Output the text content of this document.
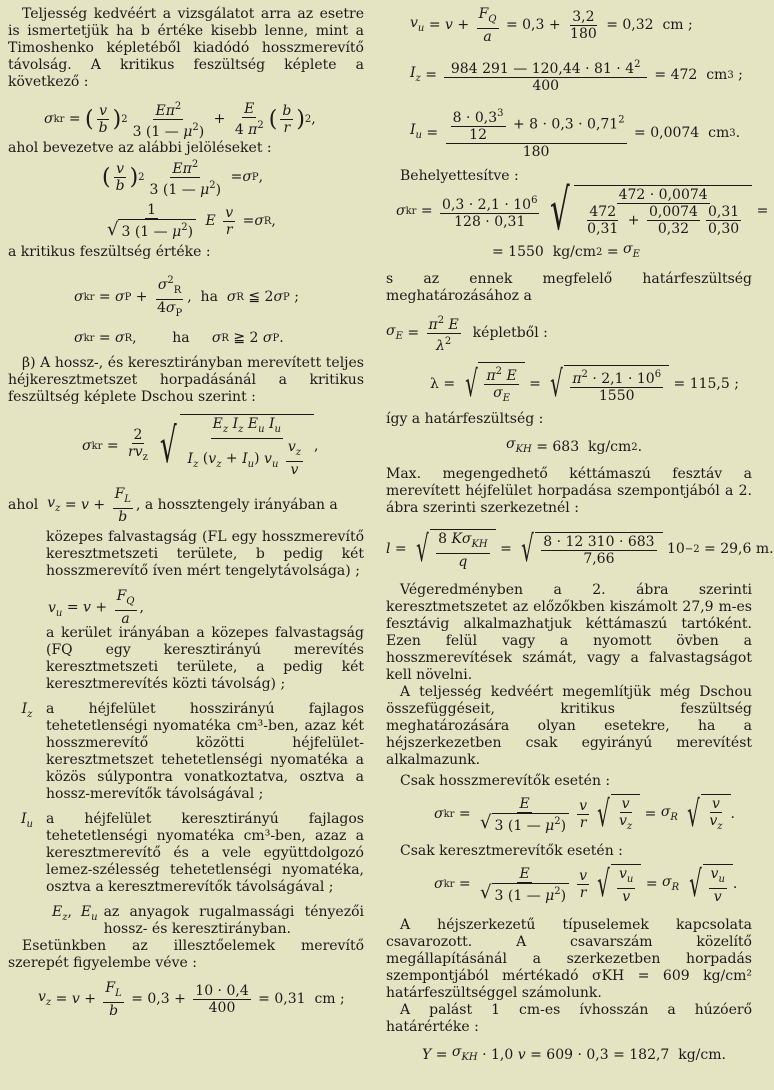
Teljesség kedvéért a vizsgálatot arra az esetre is ismertetjük ha b értéke kisebb lenne, mint a Timoshenko képletéből kiadódó hosszmerevítő távolság. A kritikus feszültség képlete a következő :

σ kr = ( v
b ) 2
$E\pi^2$
3 (1 — $\mu^2$)
+
E
4 $\pi^2$ ( b
r ) 2 ,

ahol bevezetve az alábbi jelöléseket :

( v
b ) 2
$E\pi^2$
3 (1 — $\mu^2$)
= σ P ,
1
√ 3 (1 — $\mu^2$)

E
v
r
= σ R ,

a kritikus feszültség értéke :

σ kr = σ P +
$\sigma^2_R$
$4\sigma_P$
,  ha σ R ≦ 2 σ P ;
σ kr = σ R ,        ha σ R ≧ 2 σ P .

β) A hossz-, és keresztirányban merevített teljes héjkeresztmetszet horpadásánál a kritikus feszültség képlete Dschou szerint :

σ kr =
2
$rv_z$ √	$E_z$ $I_z$ $E_u$ $I_u$
$I_z$ $(v_z + I_u)$ $v_u \frac{v_z}{v}$ ,
ahol $v_z = v$ +
$F_L$
b
, a hossztengely irányában a

közepes falvastagság (FL egy hosszmerevítő keresztmetszeti területe, b pedig két hosszmerevítő íven mért tengelytávolsága) ;

$v_u = v + \frac{F_Q}{a}$ ,

a kerület irányában a közepes falvastagság (FQ egy keresztirányú merevítés keresztmetszeti területe, a pedig két keresztmerevítés közti távolság) ;

$I_z$ a héjfelület hosszirányú fajlagos tehetetlenségi nyomatéka cm³-ben, azaz két hosszmerevítő közötti héjfelület-keresztmetszet tehetetlenségi nyomatéka a közös súlypontra vonatkoztatva, osztva a hossz-merevítők távolságával ;
$I_u$ a héjfelület keresztirányú fajlagos tehetetlenségi nyomatéka cm³-ben, azaz a keresztmerevítő és a vele együttdolgozó lemez-szélesség tehetetlenségi nyomatéka, osztva a keresztmerevítők távolságával ;
$E_z$,  $E_u$ az anyagok rugalmassági tényezői hossz- és keresztirányban.

Esetünkben az illesztőelemek merevítő szerepét figyelembe véve :

$v_z = v$ +
$F_L$
b
= 0,3 + 10 · 0,4
400
= 0,31  cm ;
$v_u = v$ +
$F_Q$
a
= 0,3 + 3,2
180
= 0,32  cm ;
$I_z = 984$ 291 — $120,44 \cdot 81 \cdot 4^2$
400
= 472  cm 3 ;
$I_u = \frac{8 \cdot 0,3^3}{12} + 8 \cdot 0,3 \cdot 0,71^2$
180
= 0,0074  cm 3 .

Behelyettesítve :

σ kr = $0,3 \cdot 2,1 \cdot 10^6$
128 · 0,31 √ $\frac{472 \cdot 0,0074}{\frac{472}{0,31} + \frac{0,0074}{0,32} \frac{0,31}{0,30}}$ =
= 1550  kg/cm $2 = \sigma_E$

s az ennek megfelelő határfeszültség meghatározásához a

$\sigma_E = \pi^2$ E
$\lambda^2$
képletből :
λ = √ $\frac{\pi^2 E}{\sigma_E}$ = √ $\frac{\pi^2 \cdot 2,1 \cdot 10^6}{1550} = 115,5$ ;

így a határfeszültség :

$\sigma_{KH} = 683$  kg/cm 2 .

Max. megengedhető kéttámaszú fesztáv a merevített héjfelület horpadása szempontjából a 2. ábra szerinti szerkezetnél :

l = √ 8 $K\sigma_{KH}$
q
= √ $\frac{8 \cdot 12 310 \cdot 683}{7,66} 10 -2 = 29,6$ m.

Végeredményben a 2. ábra szerinti keresztmetszetet az előzőkben kiszámolt 27,9 m-es fesztávig alkalmazhatjuk kéttámaszú tartóként. Ezen felül vagy a nyomott övben a hosszmerevítések számát, vagy a falvastagságot kell növelni.

A teljesség kedvéért megemlítjük még Dschou összefüggéseit, kritikus feszültség meghatározására olyan esetekre, ha a héjszerkezetben csak egyirányú merevítést alkalmazunk.

Csak hosszmerevítők esetén :

σ kr =
E
√ 3 (1 — $\mu^2$)
v
r √ $\frac{v}{v_z} = \sigma_R$
√ $\frac{v}{v_z}$ .

Csak keresztmerevítők esetén :

σ kr =
E
√ 3 (1 — $\mu^2$)
v
r √ $\frac{v_u}{v} = \sigma_R$
√ $\frac{v_u}{v}$ .

A héjszerkezetű típuselemek kapcsolata csavarozott. A csavarszám közelítő megállapításánál a szerkezetben horpadás szempontjából mértékadó σKH = 609 kg/cm² határfeszültséggel számolunk.

A palást 1 cm-es ívhosszán a húzóerő határértéke :

$Y = \sigma_{KH} \cdot 1,0$ v = 609 · 0,3 = 182,7  kg/cm.
